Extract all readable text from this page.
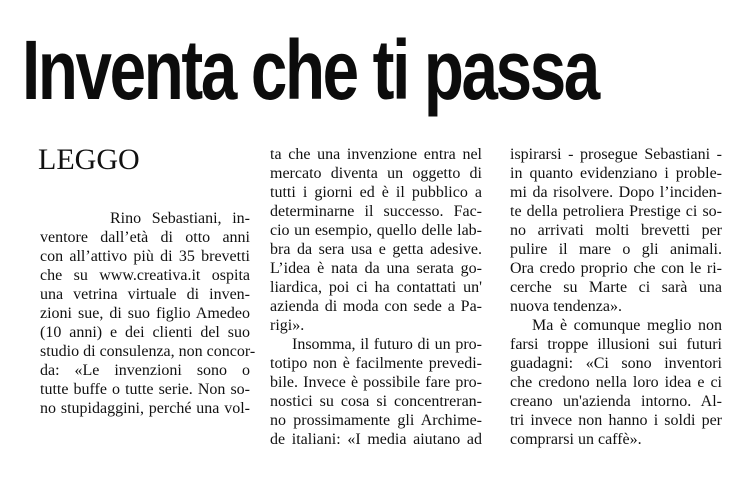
Inventa che ti passa
LEGGO
Rino Sebastiani, in-
ventore dall’età di otto anni
con all’attivo più di 35 brevetti
che su www.creativa.it ospita
una vetrina virtuale di inven-
zioni sue, di suo figlio Amedeo
(10 anni) e dei clienti del suo
studio di consulenza, non concor-
da: «Le invenzioni sono o
tutte buffe o tutte serie. Non so-
no stupidaggini, perché una vol-
ta che una invenzione entra nel
mercato diventa un oggetto di
tutti i giorni ed è il pubblico a
determinarne il successo. Fac-
cio un esempio, quello delle lab-
bra da sera usa e getta adesive.
L’idea è nata da una serata go-
liardica, poi ci ha contattati un'
azienda di moda con sede a Pa-
rigi».
Insomma, il futuro di un pro-
totipo non è facilmente prevedi-
bile. Invece è possibile fare pro-
nostici su cosa si concentreran-
no prossimamente gli Archime-
de italiani: «I media aiutano ad
ispirarsi - prosegue Sebastiani -
in quanto evidenziano i proble-
mi da risolvere. Dopo l’inciden-
te della petroliera Prestige ci so-
no arrivati molti brevetti per
pulire il mare o gli animali.
Ora credo proprio che con le ri-
cerche su Marte ci sarà una
nuova tendenza».
Ma è comunque meglio non
farsi troppe illusioni sui futuri
guadagni: «Ci sono inventori
che credono nella loro idea e ci
creano un'azienda intorno. Al-
tri invece non hanno i soldi per
comprarsi un caffè».
